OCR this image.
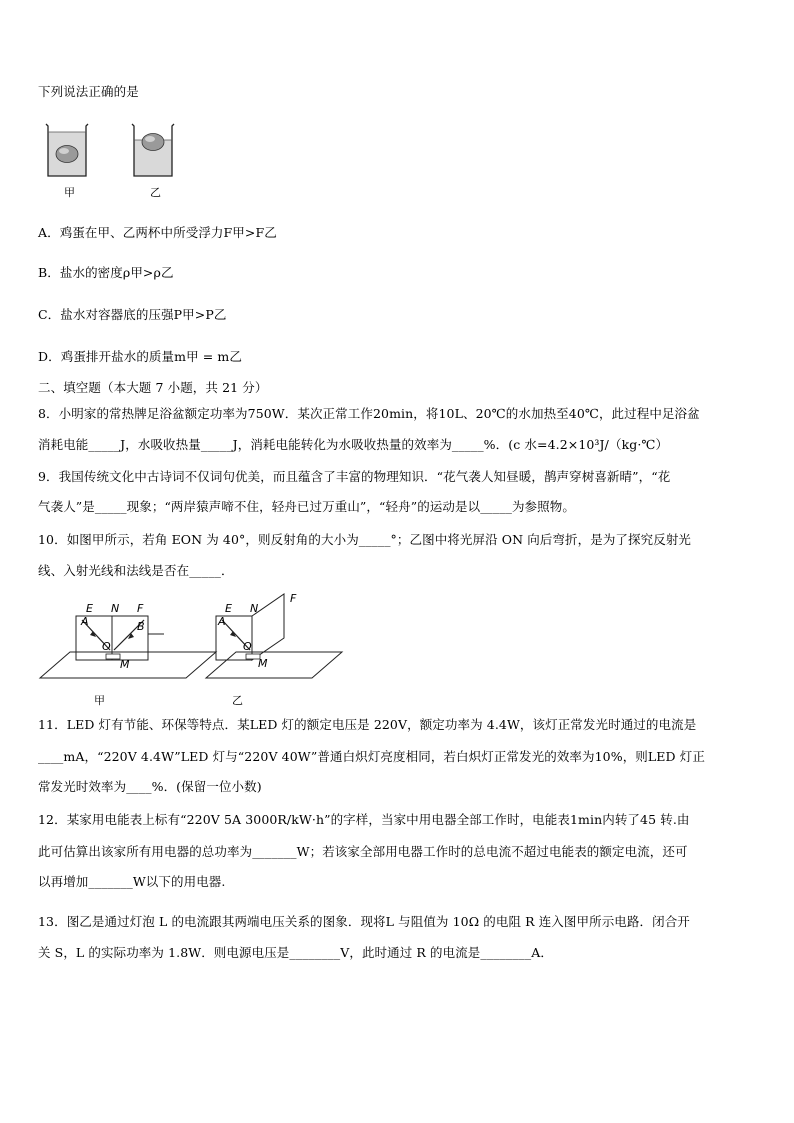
下列说法正确的是
甲	乙
A．鸡蛋在甲、乙两杯中所受浮力F甲>F乙
B．盐水的密度ρ甲>ρ乙
C．盐水对容器底的压强P甲>P乙
D．鸡蛋排开盐水的质量m甲 = m乙
二、填空题（本大题 7 小题，共 21 分）
8．小明家的常热牌足浴盆额定功率为750W．某次正常工作20min，将10L、20℃的水加热至40℃，此过程中足浴盆
消耗电能_____J，水吸收热量_____J，消耗电能转化为水吸收热量的效率为_____%．(c 水=4.2×10³J/（kg·℃）
9．我国传统文化中古诗词不仅词句优美，而且蕴含了丰富的物理知识．“花气袭人知昼暖，鹊声穿树喜新晴”，“花
气袭人”是_____现象；“两岸猿声啼不住，轻舟已过万重山”，“轻舟”的运动是以_____为参照物。
10．如图甲所示，若角 EON 为 40°，则反射角的大小为_____°；乙图中将光屏沿 ON 向后弯折，是为了探究反射光
线、入射光线和法线是否在_____．
E N F
A	B
O
M
E N
F
A
O
M
甲	乙
11．LED 灯有节能、环保等特点．某LED 灯的额定电压是 220V，额定功率为 4.4W，该灯正常发光时通过的电流是
____mA，“220V 4.4W”LED 灯与“220V 40W”普通白炽灯亮度相同，若白炽灯正常发光的效率为10%，则LED 灯正
常发光时效率为____%．(保留一位小数)
12．某家用电能表上标有“220V 5A 3000R/kW·h”的字样，当家中用电器全部工作时，电能表1min内转了45 转.由
此可估算出该家所有用电器的总功率为_______W；若该家全部用电器工作时的总电流不超过电能表的额定电流，还可
以再增加_______W以下的用电器.
13．图乙是通过灯泡 L 的电流跟其两端电压关系的图象．现将L 与阻值为 10Ω 的电阻 R 连入图甲所示电路．闭合开
关 S，L 的实际功率为 1.8W．则电源电压是________V，此时通过 R 的电流是________A．
